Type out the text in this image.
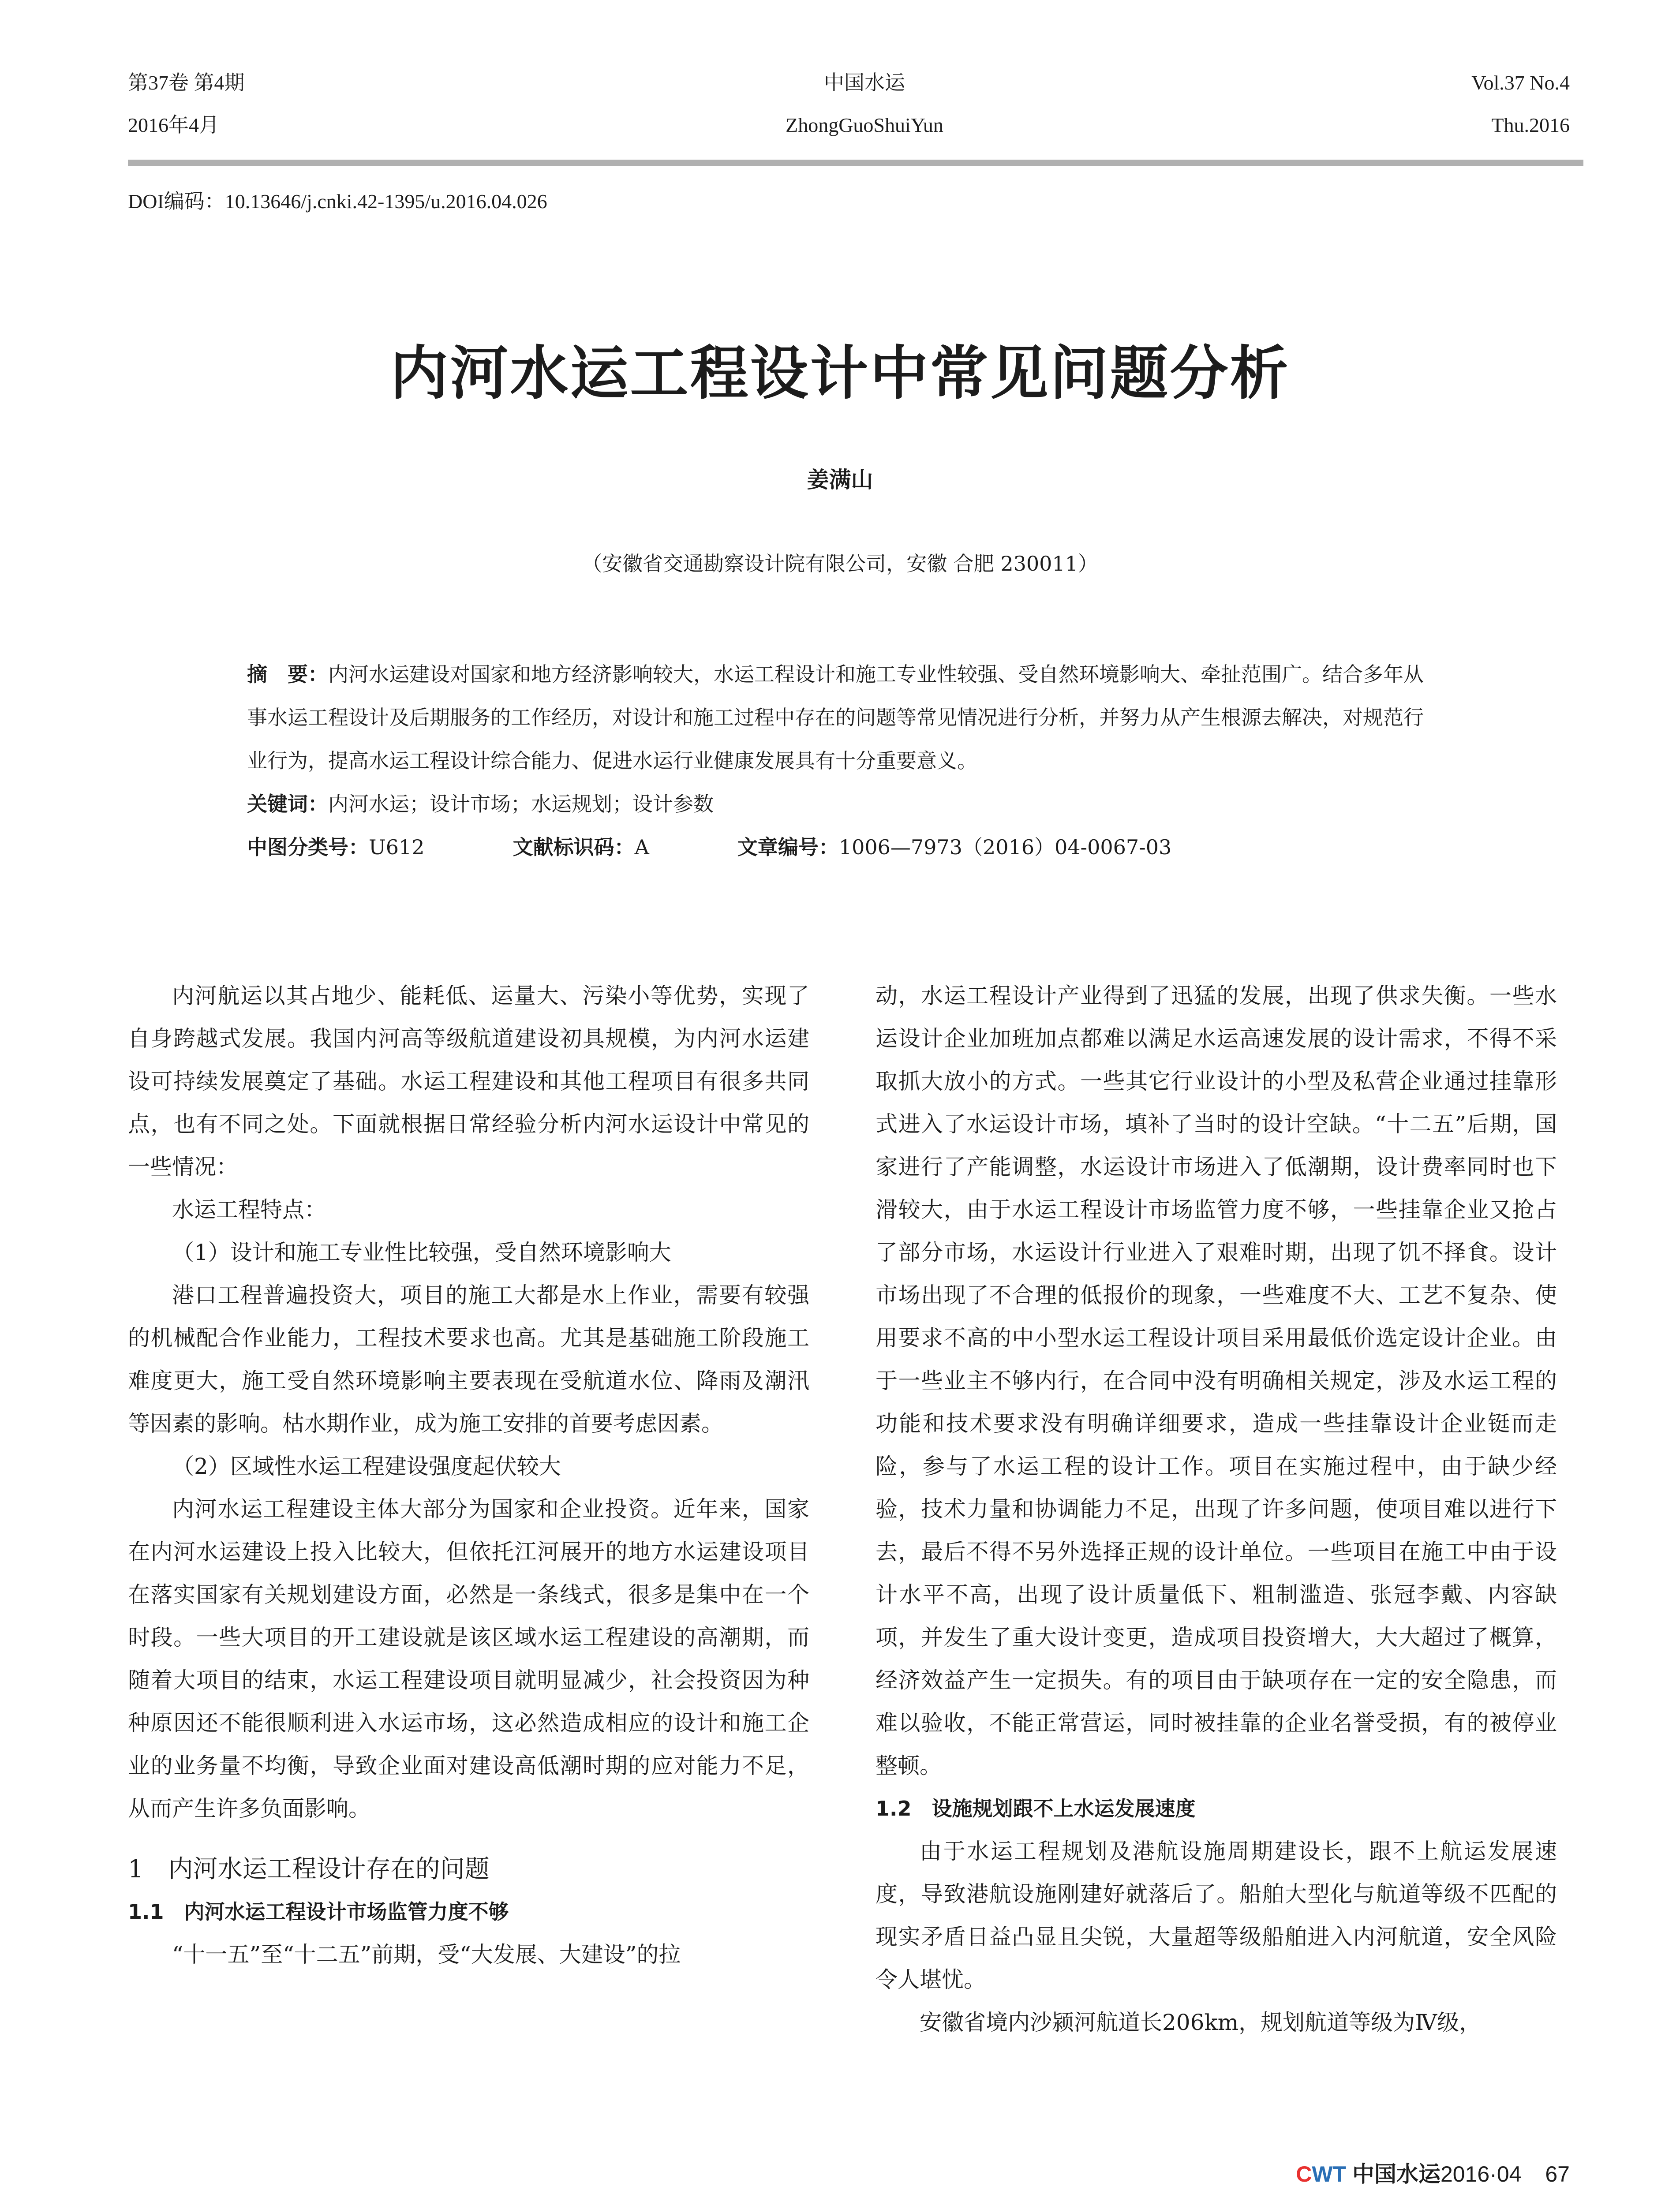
第37卷 第4期
2016年4月
中国水运
ZhongGuoShuiYun
Vol.37 No.4
Thu.2016
DOI编码：10.13646/j.cnki.42-1395/u.2016.04.026
内河水运工程设计中常见问题分析
姜满山
（安徽省交通勘察设计院有限公司，安徽 合肥 230011）

摘　要：内河水运建设对国家和地方经济影响较大，水运工程设计和施工专业性较强、受自然环境影响大、牵扯范围广。结合多年从事水运工程设计及后期服务的工作经历，对设计和施工过程中存在的问题等常见情况进行分析，并努力从产生根源去解决，对规范行业行为，提高水运工程设计综合能力、促进水运行业健康发展具有十分重要意义。

关键词：内河水运；设计市场；水运规划；设计参数

中图分类号：U612	文献标识码：A	文章编号：1006—7973（2016）04-0067-03

内河航运以其占地少、能耗低、运量大、污染小等优势，实现了自身跨越式发展。我国内河高等级航道建设初具规模，为内河水运建设可持续发展奠定了基础。水运工程建设和其他工程项目有很多共同点，也有不同之处。下面就根据日常经验分析内河水运设计中常见的一些情况：

水运工程特点：

（1）设计和施工专业性比较强，受自然环境影响大

港口工程普遍投资大，项目的施工大都是水上作业，需要有较强的机械配合作业能力，工程技术要求也高。尤其是基础施工阶段施工难度更大，施工受自然环境影响主要表现在受航道水位、降雨及潮汛等因素的影响。枯水期作业，成为施工安排的首要考虑因素。

（2）区域性水运工程建设强度起伏较大

内河水运工程建设主体大部分为国家和企业投资。近年来，国家在内河水运建设上投入比较大，但依托江河展开的地方水运建设项目在落实国家有关规划建设方面，必然是一条线式，很多是集中在一个时段。一些大项目的开工建设就是该区域水运工程建设的高潮期，而随着大项目的结束，水运工程建设项目就明显减少，社会投资因为种种原因还不能很顺利进入水运市场，这必然造成相应的设计和施工企业的业务量不均衡，导致企业面对建设高低潮时期的应对能力不足，从而产生许多负面影响。

1　内河水运工程设计存在的问题

1.1　内河水运工程设计市场监管力度不够

“十一五”至“十二五”前期，受“大发展、大建设”的拉

动，水运工程设计产业得到了迅猛的发展，出现了供求失衡。一些水运设计企业加班加点都难以满足水运高速发展的设计需求，不得不采取抓大放小的方式。一些其它行业设计的小型及私营企业通过挂靠形式进入了水运设计市场，填补了当时的设计空缺。“十二五”后期，国家进行了产能调整，水运设计市场进入了低潮期，设计费率同时也下滑较大，由于水运工程设计市场监管力度不够，一些挂靠企业又抢占了部分市场，水运设计行业进入了艰难时期，出现了饥不择食。设计市场出现了不合理的低报价的现象，一些难度不大、工艺不复杂、使用要求不高的中小型水运工程设计项目采用最低价选定设计企业。由于一些业主不够内行，在合同中没有明确相关规定，涉及水运工程的功能和技术要求没有明确详细要求，造成一些挂靠设计企业铤而走险，参与了水运工程的设计工作。项目在实施过程中，由于缺少经验，技术力量和协调能力不足，出现了许多问题，使项目难以进行下去，最后不得不另外选择正规的设计单位。一些项目在施工中由于设计水平不高，出现了设计质量低下、粗制滥造、张冠李戴、内容缺项，并发生了重大设计变更，造成项目投资增大，大大超过了概算，经济效益产生一定损失。有的项目由于缺项存在一定的安全隐患，而难以验收，不能正常营运，同时被挂靠的企业名誉受损，有的被停业整顿。

1.2　设施规划跟不上水运发展速度

由于水运工程规划及港航设施周期建设长，跟不上航运发展速度，导致港航设施刚建好就落后了。船舶大型化与航道等级不匹配的现实矛盾日益凸显且尖锐，大量超等级船舶进入内河航道，安全风险令人堪忧。

安徽省境内沙颍河航道长206km，规划航道等级为Ⅳ级，

CWT 中国水运2016·04 67
